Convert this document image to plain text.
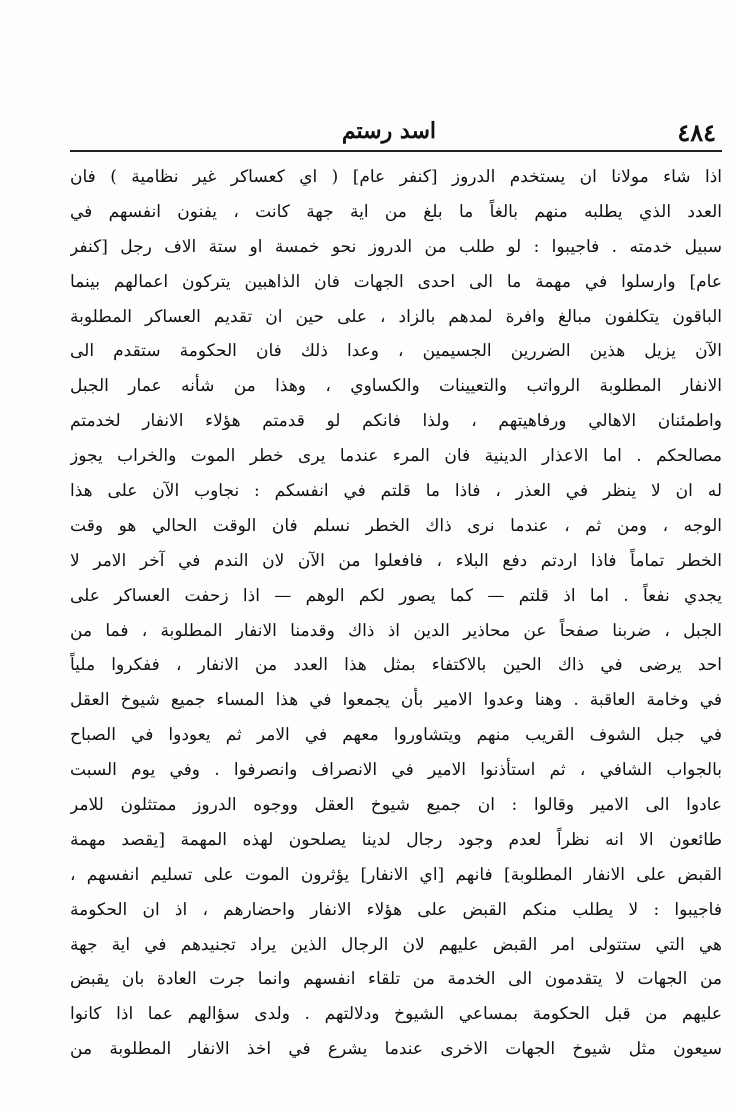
٤٨٤
اسد رستم
اذا شاء مولانا ان يستخدم الدروز [كنفر عام] ( اي كعساكر غير نظامية ) فان
العدد الذي يطلبه منهم بالغاً ما بلغ من اية جهة كانت ، يفنون انفسهم في
سبيل خدمته . فاجيبوا : لو طلب من الدروز نحو خمسة او ستة الاف رجل [كنفر
عام] وارسلوا في مهمة ما الى احدى الجهات فان الذاهبين يتركون اعمالهم بينما
الباقون يتكلفون مبالغ وافرة لمدهم بالزاد ، على حين ان تقديم العساكر المطلوبة
الآن يزيل هذين الضررين الجسيمين ، وعدا ذلك فان الحكومة ستقدم الى
الانفار المطلوبة الرواتب والتعيينات والكساوي ، وهذا من شأنه عمار الجبل
واطمئنان الاهالي ورفاهيتهم ، ولذا فانكم لو قدمتم هؤلاء الانفار لخدمتم
مصالحكم . اما الاعذار الدينية فان المرء عندما يرى خطر الموت والخراب يجوز
له ان لا ينظر في العذر ، فاذا ما قلتم في انفسكم : نجاوب الآن على هذا
الوجه ، ومن ثم ، عندما نرى ذاك الخطر نسلم فان الوقت الحالي هو وقت
الخطر تماماً فاذا اردتم دفع البلاء ، فافعلوا من الآن لان الندم في آخر الامر لا
يجدي نفعاً . اما اذ قلتم — كما يصور لكم الوهم — اذا زحفت العساكر على
الجبل ، ضربنا صفحاً عن محاذير الدين اذ ذاك وقدمنا الانفار المطلوبة ، فما من
احد يرضى في ذاك الحين بالاكتفاء بمثل هذا العدد من الانفار ، ففكروا ملياً
في وخامة العاقبة . وهنا وعدوا الامير بأن يجمعوا في هذا المساء جميع شيوخ العقل
في جبل الشوف القريب منهم ويتشاوروا معهم في الامر ثم يعودوا في الصباح
بالجواب الشافي ، ثم استأذنوا الامير في الانصراف وانصرفوا . وفي يوم السبت
عادوا الى الامير وقالوا : ان جميع شيوخ العقل ووجوه الدروز ممتثلون للامر
طائعون الا انه نظراً لعدم وجود رجال لدينا يصلحون لهذه المهمة [يقصد مهمة
القبض على الانفار المطلوبة] فانهم [اي الانفار] يؤثرون الموت على تسليم انفسهم ،
فاجيبوا : لا يطلب منكم القبض على هؤلاء الانفار واحضارهم ، اذ ان الحكومة
هي التي ستتولى امر القبض عليهم لان الرجال الذين يراد تجنيدهم في اية جهة
من الجهات لا يتقدمون الى الخدمة من تلقاء انفسهم وانما جرت العادة بان يقبض
عليهم من قبل الحكومة بمساعي الشيوخ ودلالتهم . ولدى سؤالهم عما اذا كانوا
سيعون مثل شيوخ الجهات الاخرى عندما يشرع في اخذ الانفار المطلوبة من
